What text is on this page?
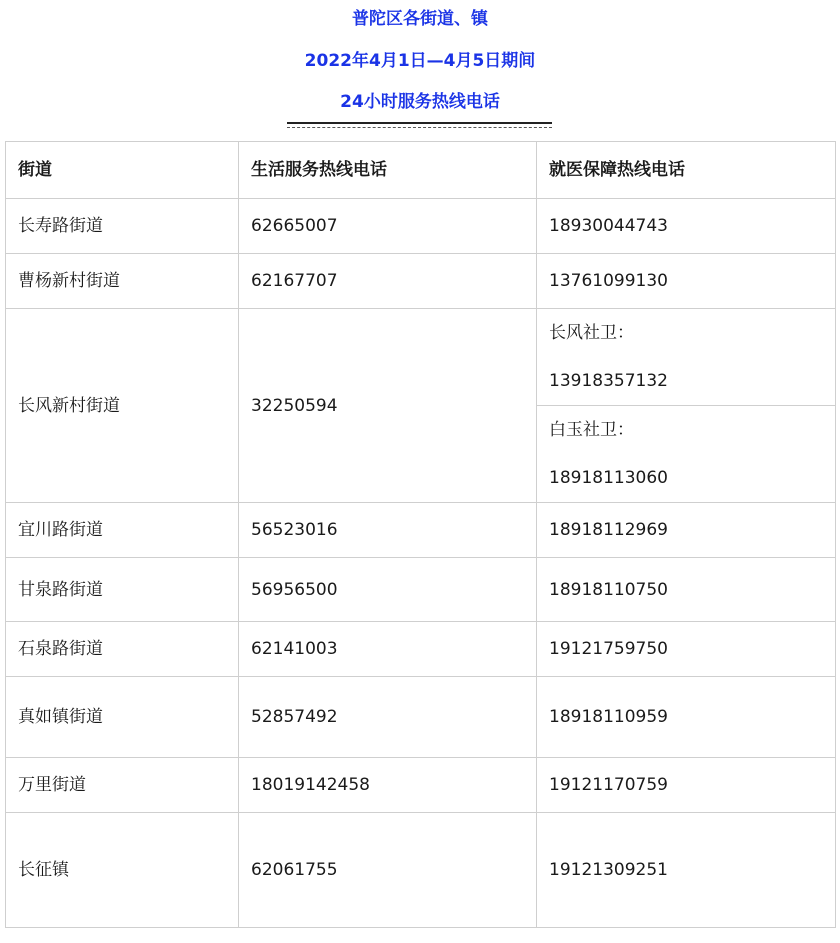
普陀区各街道、镇
2022年4月1日—4月5日期间
24小时服务热线电话
街道	生活服务热线电话	就医保障热线电话
长寿路街道	62665007	18930044743
曹杨新村街道	62167707	13761099130
长风新村街道	32250594	长风社卫：
13918357132

		白玉社卫：
18918113060

宜川路街道	56523016	18918112969
甘泉路街道	56956500	18918110750
石泉路街道	62141003	19121759750
真如镇街道	52857492	18918110959
万里街道	18019142458	19121170759
长征镇	62061755	19121309251
